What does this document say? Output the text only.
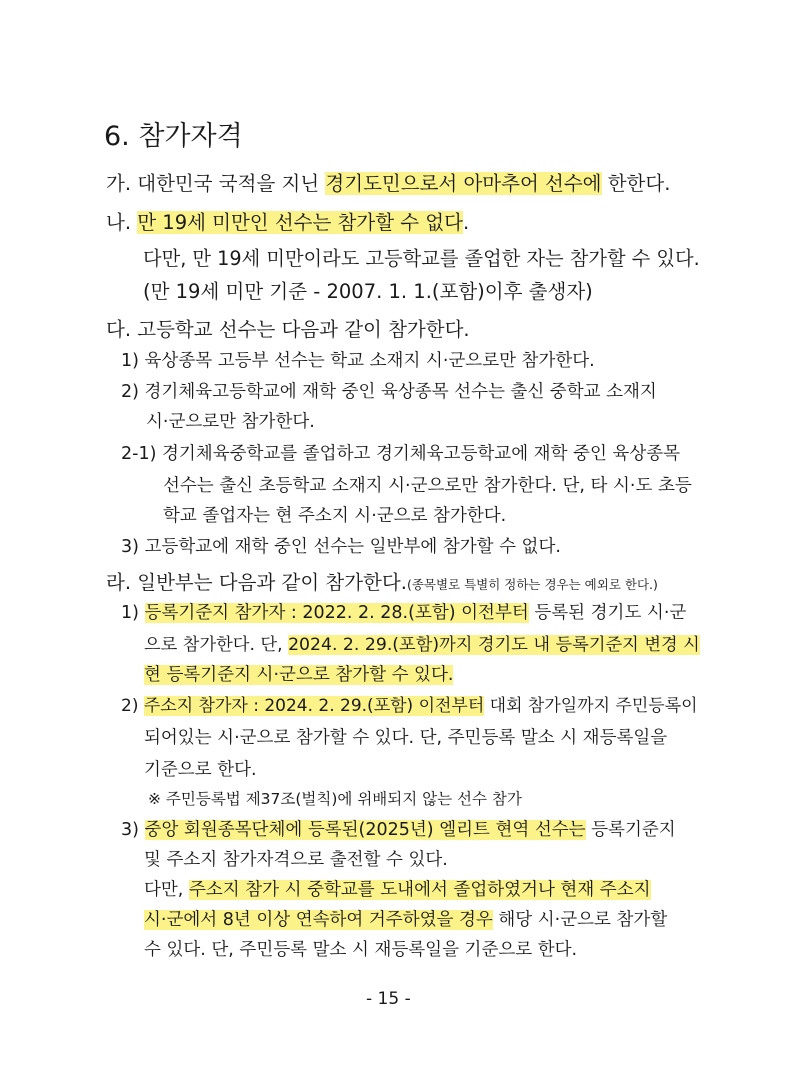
6. 참가자격
가. 대한민국 국적을 지닌 경기도민으로서 아마추어 선수에 한한다.
나. 만 19세 미만인 선수는 참가할 수 없다.
다만, 만 19세 미만이라도 고등학교를 졸업한 자는 참가할 수 있다.
(만 19세 미만 기준 - 2007. 1. 1.(포함)이후 출생자)
다. 고등학교 선수는 다음과 같이 참가한다.
1) 육상종목 고등부 선수는 학교 소재지 시·군으로만 참가한다.
2) 경기체육고등학교에 재학 중인 육상종목 선수는 출신 중학교 소재지
시·군으로만 참가한다.
2-1) 경기체육중학교를 졸업하고 경기체육고등학교에 재학 중인 육상종목
선수는 출신 초등학교 소재지 시·군으로만 참가한다. 단, 타 시·도 초등
학교 졸업자는 현 주소지 시·군으로 참가한다.
3) 고등학교에 재학 중인 선수는 일반부에 참가할 수 없다.
라. 일반부는 다음과 같이 참가한다.(종목별로 특별히 정하는 경우는 예외로 한다.)
1) 등록기준지 참가자 : 2022. 2. 28.(포함) 이전부터 등록된 경기도 시·군
으로 참가한다. 단, 2024. 2. 29.(포함)까지 경기도 내 등록기준지 변경 시
현 등록기준지 시·군으로 참가할 수 있다.
2) 주소지 참가자 : 2024. 2. 29.(포함) 이전부터 대회 참가일까지 주민등록이
되어있는 시·군으로 참가할 수 있다. 단, 주민등록 말소 시 재등록일을
기준으로 한다.
※ 주민등록법 제37조(벌칙)에 위배되지 않는 선수 참가
3) 중앙 회원종목단체에 등록된(2025년) 엘리트 현역 선수는 등록기준지
및 주소지 참가자격으로 출전할 수 있다.
다만, 주소지 참가 시 중학교를 도내에서 졸업하였거나 현재 주소지
시·군에서 8년 이상 연속하여 거주하였을 경우 해당 시·군으로 참가할
수 있다. 단, 주민등록 말소 시 재등록일을 기준으로 한다.
- 15 -
